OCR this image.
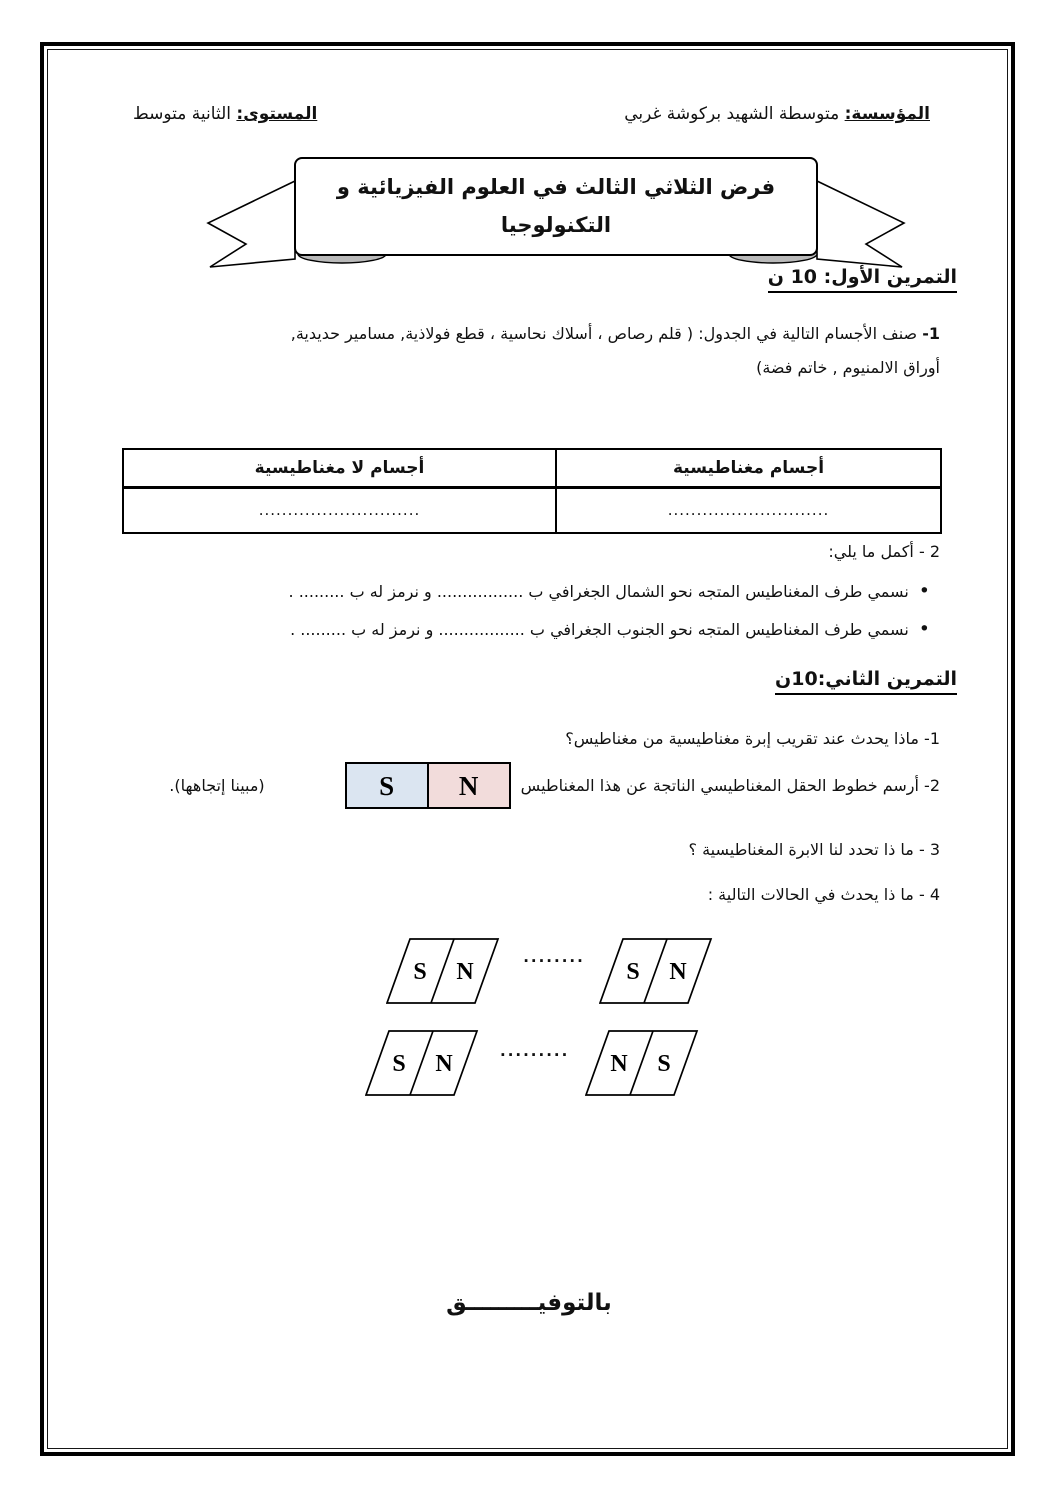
المؤسسة: متوسطة الشهيد بركوشة غربي
المستوى: الثانية متوسط
فرض الثلاثي الثالث في العلوم الفيزيائية و
التكنولوجيا
التمرين الأول: 10 ن
1- صنف الأجسام التالية في الجدول: ( قلم رصاص ، أسلاك نحاسية ، قطع فولاذية, مسامير حديدية,
أوراق الالمنيوم , خاتم فضة)
أجسام مغناطيسية	أجسام لا مغناطيسية
............................	............................
2 - أكمل ما يلي:
•
نسمي طرف المغناطيس المتجه نحو الشمال الجغرافي ب ................. و نرمز له ب ......... .
•
نسمي طرف المغناطيس المتجه نحو الجنوب الجغرافي ب ................. و نرمز له ب ......... .
التمرين الثاني:10ن
1- ماذا يحدث عند تقريب إبرة مغناطيسية من مغناطيس؟
2- أرسم خطوط الحقل المغناطيسي الناتجة عن هذا المغناطيس
S	N
(مبينا إتجاهها).
3 - ما ذا تحدد لنا الابرة المغناطيسية ؟
4 - ما ذا يحدث في الحالات التالية :
S N
........
S N
S N	......... N S
بالتوفيـــــــــق
